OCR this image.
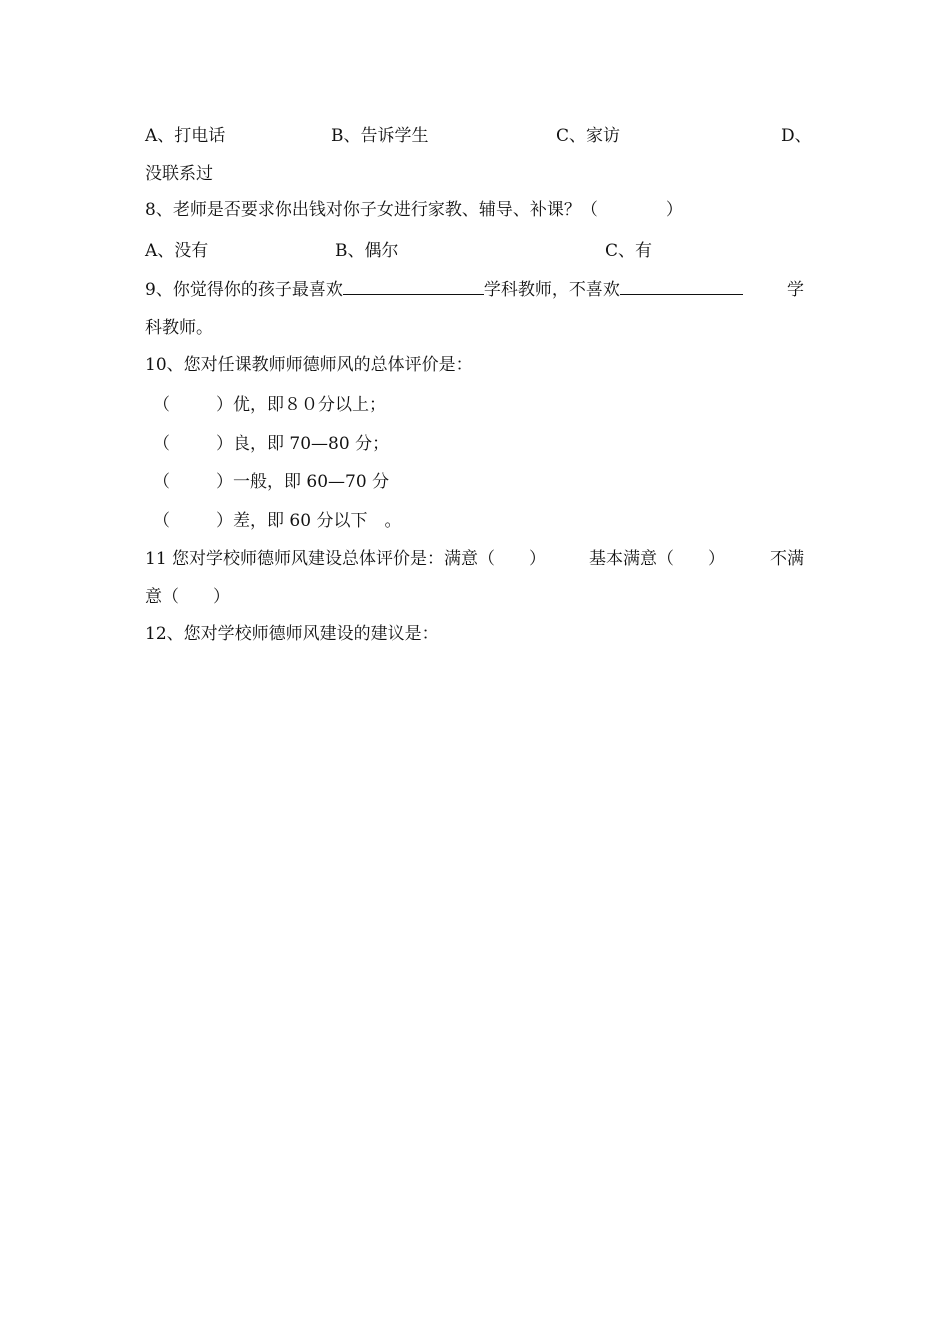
A、打电话	B、告诉学生	C、家访	D、
没联系过
8、老师是否要求你出钱对你子女进行家教、辅导、补课？（　　　　）
A、没有	B、偶尔	C、有
9、你觉得你的孩子最喜欢	学科教师，不喜欢	学
科教师。
10、您对任课教师师德师风的总体评价是：
（	）优，即８０分以上；
（	）良，即 70—80 分；
（	）一般，即 60—70 分
（	）差，即 60 分以下　。
11 您对学校师德师风建设总体评价是：满意（　　）	基本满意（　　）	不满
意（　　）
12、您对学校师德师风建设的建议是：
